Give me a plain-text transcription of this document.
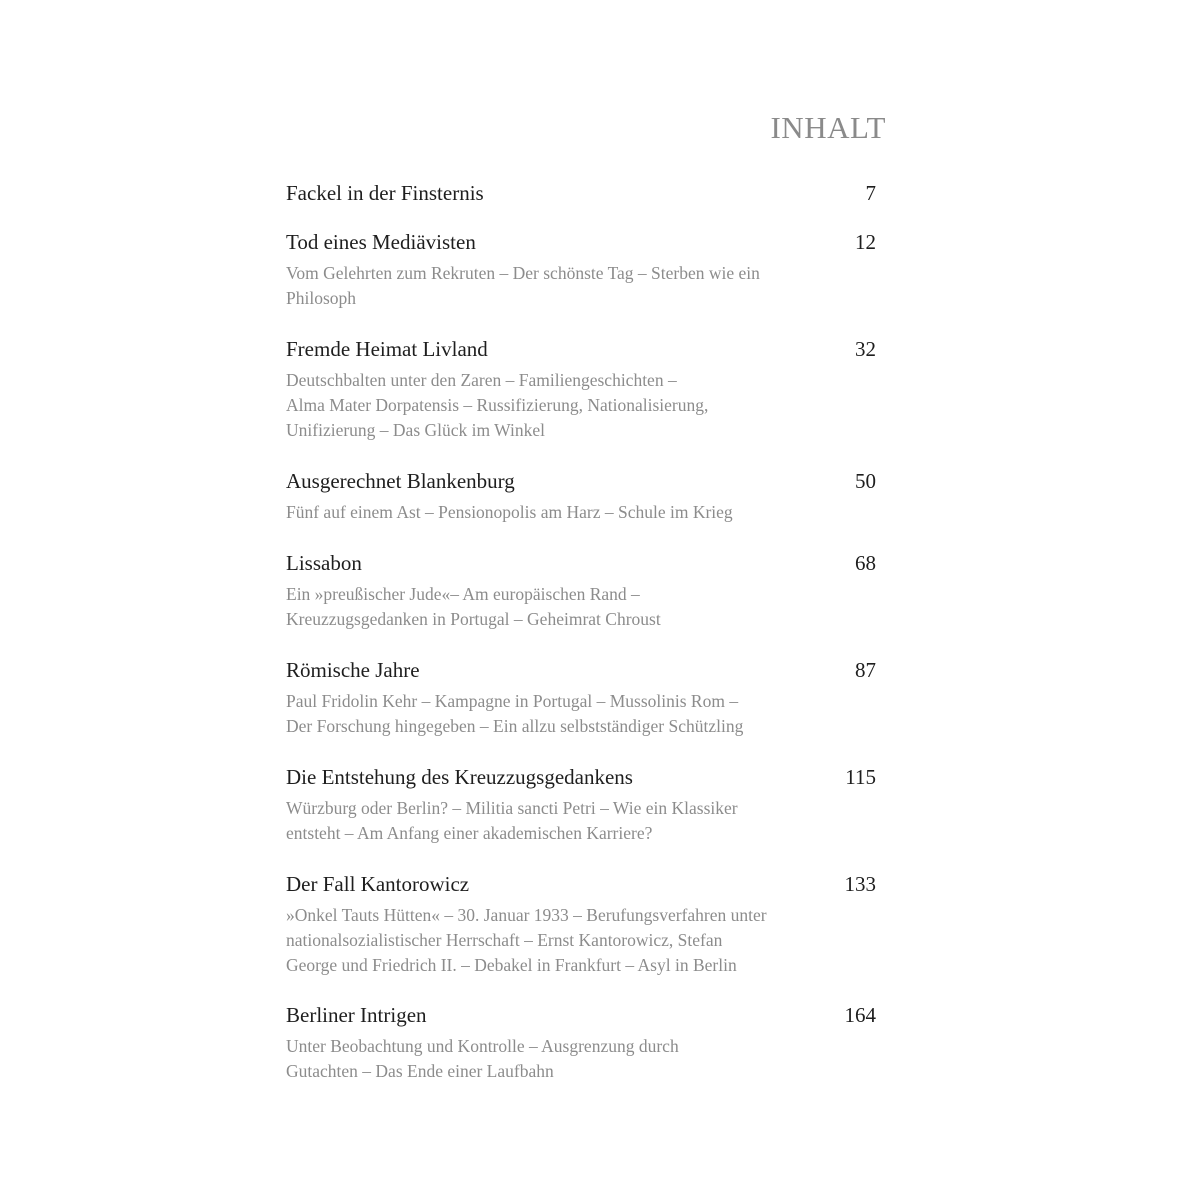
INHALT
Fackel in der Finsternis	7
Tod eines Mediävisten	12
Vom Gelehrten zum Rekruten – Der schönste Tag – Sterben wie ein
Philosoph
Fremde Heimat Livland	32
Deutschbalten unter den Zaren – Familiengeschichten –
Alma Mater Dorpatensis – Russifizierung, Nationalisierung,
Unifizierung – Das Glück im Winkel
Ausgerechnet Blankenburg	50
Fünf auf einem Ast – Pensionopolis am Harz – Schule im Krieg
Lissabon	68
Ein »preußischer Jude«– Am europäischen Rand –
Kreuzzugsgedanken in Portugal – Geheimrat Chroust
Römische Jahre	87
Paul Fridolin Kehr – Kampagne in Portugal – Mussolinis Rom –
Der Forschung hingegeben – Ein allzu selbstständiger Schützling
Die Entstehung des Kreuzzugsgedankens	115
Würzburg oder Berlin? – Militia sancti Petri – Wie ein Klassiker
entsteht – Am Anfang einer akademischen Karriere?
Der Fall Kantorowicz	133
»Onkel Tauts Hütten« – 30. Januar 1933 – Berufungsverfahren unter
nationalsozialistischer Herrschaft – Ernst Kantorowicz, Stefan
George und Friedrich II. – Debakel in Frankfurt – Asyl in Berlin
Berliner Intrigen	164
Unter Beobachtung und Kontrolle – Ausgrenzung durch
Gutachten – Das Ende einer Laufbahn
